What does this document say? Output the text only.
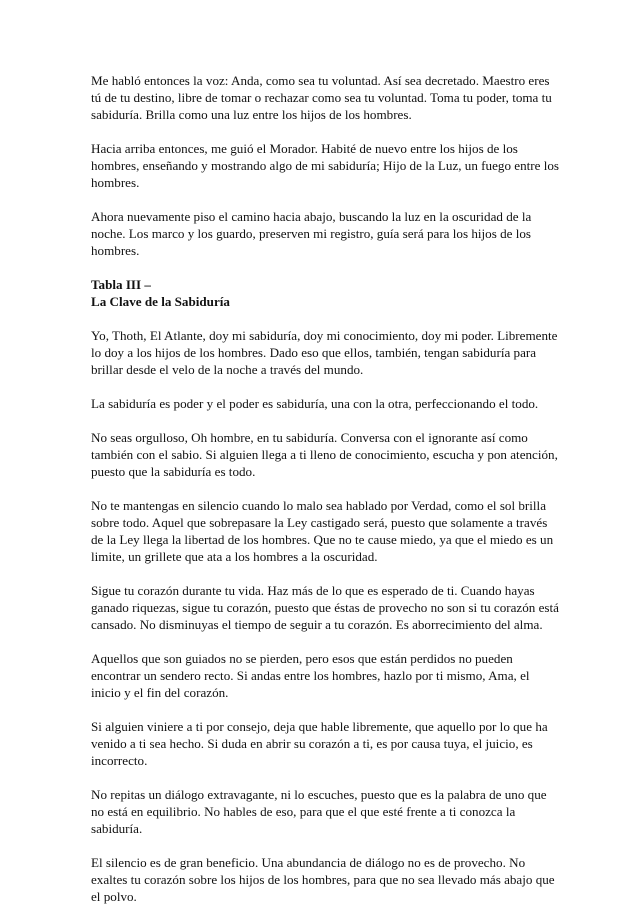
Me habló entonces la voz: Anda, como sea tu voluntad. Así sea decretado. Maestro eres tú de tu destino, libre de tomar o rechazar como sea tu voluntad. Toma tu poder, toma tu sabiduría. Brilla como una luz entre los hijos de los hombres.

Hacia arriba entonces, me guió el Morador. Habité de nuevo entre los hijos de los hombres, enseñando y mostrando algo de mi sabiduría; Hijo de la Luz, un fuego entre los hombres.

Ahora nuevamente piso el camino hacia abajo, buscando la luz en la oscuridad de la noche. Los marco y los guardo, preserven mi registro, guía será para los hijos de los hombres.

Tabla III –
La Clave de la Sabiduría

Yo, Thoth, El Atlante, doy mi sabiduría, doy mi conocimiento, doy mi poder. Libremente lo doy a los hijos de los hombres. Dado eso que ellos, también, tengan sabiduría para brillar desde el velo de la noche a través del mundo.

La sabiduría es poder y el poder es sabiduría, una con la otra, perfeccionando el todo.

No seas orgulloso, Oh hombre, en tu sabiduría. Conversa con el ignorante así como también con el sabio. Si alguien llega a ti lleno de conocimiento, escucha y pon atención, puesto que la sabiduría es todo.

No te mantengas en silencio cuando lo malo sea hablado por Verdad, como el sol brilla sobre todo. Aquel que sobrepasare la Ley castigado será, puesto que solamente a través de la Ley llega la libertad de los hombres. Que no te cause miedo, ya que el miedo es un limite, un grillete que ata a los hombres a la oscuridad.

Sigue tu corazón durante tu vida. Haz más de lo que es esperado de ti. Cuando hayas ganado riquezas, sigue tu corazón, puesto que éstas de provecho no son si tu corazón está cansado. No disminuyas el tiempo de seguir a tu corazón. Es aborrecimiento del alma.

Aquellos que son guiados no se pierden, pero esos que están perdidos no pueden encontrar un sendero recto. Si andas entre los hombres, hazlo por ti mismo, Ama, el inicio y el fin del corazón.

Si alguien viniere a ti por consejo, deja que hable libremente, que aquello por lo que ha venido a ti sea hecho. Si duda en abrir su corazón a ti, es por causa tuya, el juicio, es incorrecto.

No repitas un diálogo extravagante, ni lo escuches, puesto que es la palabra de uno que no está en equilibrio. No hables de eso, para que el que esté frente a ti conozca la sabiduría.

El silencio es de gran beneficio. Una abundancia de diálogo no es de provecho. No exaltes tu corazón sobre los hijos de los hombres, para que no sea llevado más abajo que el polvo.
